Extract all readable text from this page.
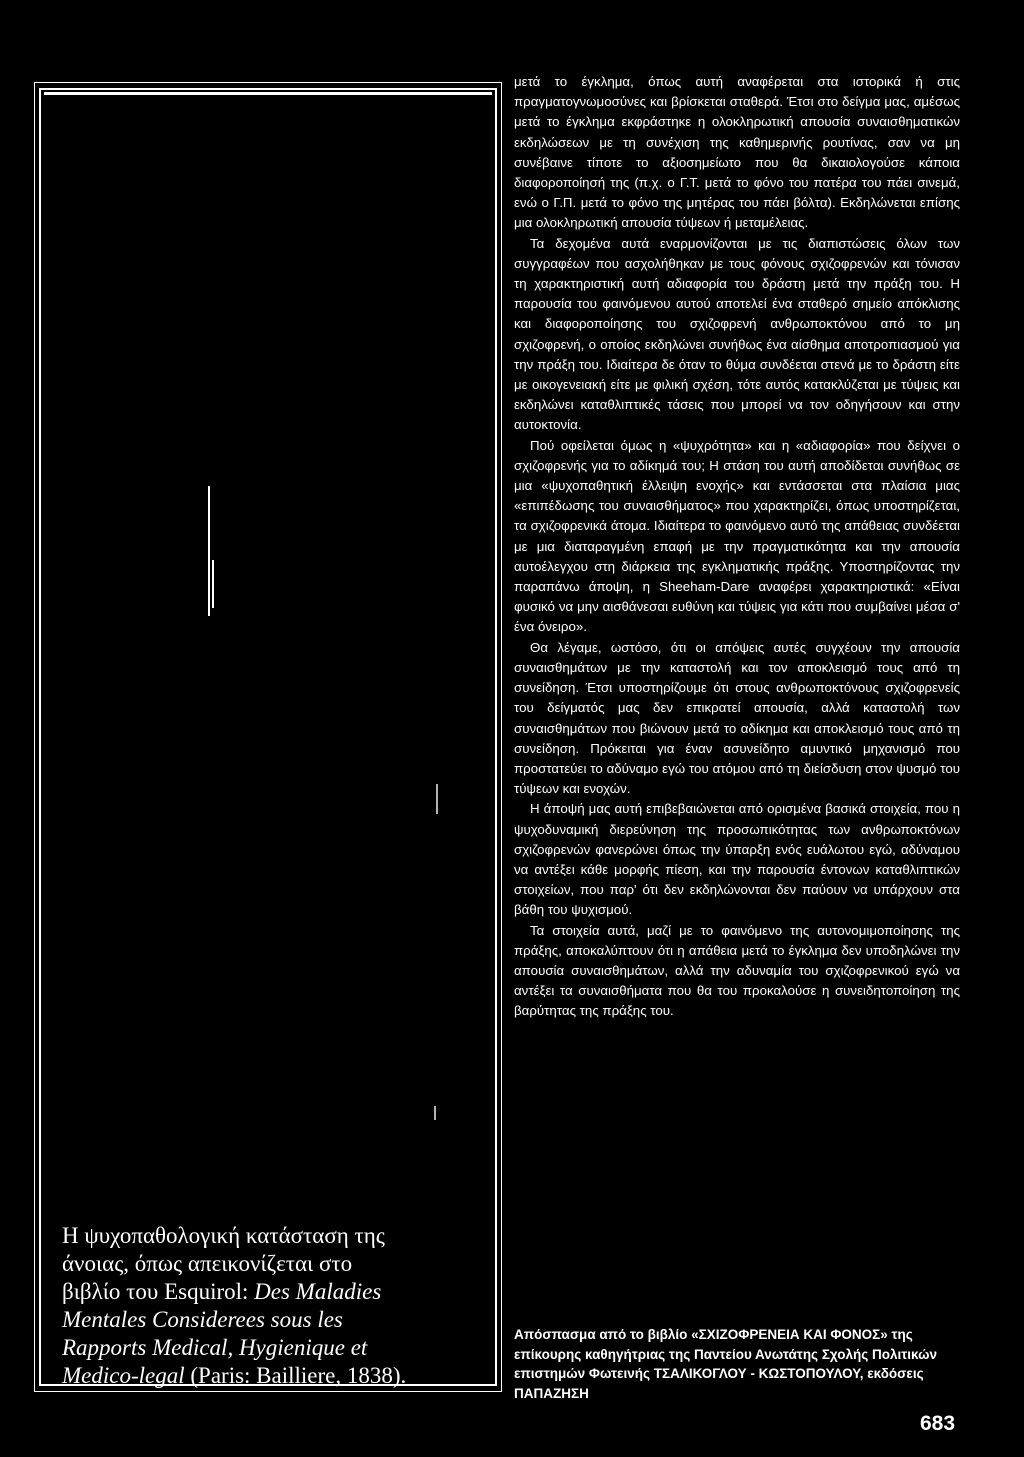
Η ψυχοπαθολογική κατάσταση της
άνοιας, όπως απεικονίζεται στο
βιβλίο του Esquirol: Des Maladies
Mentales Considerees sous les
Rapports Medical, Hygienique et
Medico-legal (Paris: Bailliere, 1838).

μετά το έγκλημα, όπως αυτή αναφέρεται στα ιστορικά ή στις πραγματογνωμοσύνες και βρίσκεται σταθερά. Έτσι στο δείγμα μας, αμέσως μετά το έγκλημα εκφράστηκε η ολοκληρωτική απουσία συναισθηματικών εκδηλώσεων με τη συνέχιση της καθημερινής ρουτίνας, σαν να μη συνέβαινε τίποτε το αξιοσημείωτο που θα δικαιολογούσε κάποια διαφοροποίησή της (π.χ. ο Γ.Τ. μετά το φόνο του πατέρα του πάει σινεμά, ενώ ο Γ.Π. μετά το φόνο της μητέρας του πάει βόλτα). Εκδηλώνεται επίσης μια ολοκληρωτική απουσία τύψεων ή μεταμέλειας.

Τα δεχομένα αυτά εναρμονίζονται με τις διαπιστώσεις όλων των συγγραφέων που ασχολήθηκαν με τους φόνους σχιζοφρενών και τόνισαν τη χαρακτηριστική αυτή αδιαφορία του δράστη μετά την πράξη του. Η παρουσία του φαινόμενου αυτού αποτελεί ένα σταθερό σημείο απόκλισης και διαφοροποίησης του σχιζοφρενή ανθρωποκτόνου από το μη σχιζοφρενή, ο οποίος εκδηλώνει συνήθως ένα αίσθημα αποτροπιασμού για την πράξη του. Ιδιαίτερα δε όταν το θύμα συνδέεται στενά με το δράστη είτε με οικογενειακή είτε με φιλική σχέση, τότε αυτός κατακλύζεται με τύψεις και εκδηλώνει καταθλιπτικές τάσεις που μπορεί να τον οδηγήσουν και στην αυτοκτονία.

Πού οφείλεται όμως η «ψυχρότητα» και η «αδιαφορία» που δείχνει ο σχιζοφρενής για το αδίκημά του; Η στάση του αυτή αποδίδεται συνήθως σε μια «ψυχοπαθητική έλλειψη ενοχής» και εντάσσεται στα πλαίσια μιας «επιπέδωσης του συναισθήματος» που χαρακτηρίζει, όπως υποστηρίζεται, τα σχιζοφρενικά άτομα. Ιδιαίτερα το φαινόμενο αυτό της απάθειας συνδέεται με μια διαταραγμένη επαφή με την πραγματικότητα και την απουσία αυτοέλεγχου στη διάρκεια της εγκληματικής πράξης. Υποστηρίζοντας την παραπάνω άποψη, η Sheeham-Dare αναφέρει χαρακτηριστικά: «Είναι φυσικό να μην αισθάνεσαι ευθύνη και τύψεις για κάτι που συμβαίνει μέσα σ' ένα όνειρο».

Θα λέγαμε, ωστόσο, ότι οι απόψεις αυτές συγχέουν την απουσία συναισθημάτων με την καταστολή και τον αποκλεισμό τους από τη συνείδηση. Έτσι υποστηρίζουμε ότι στους ανθρωποκτόνους σχιζοφρενείς του δείγματός μας δεν επικρατεί απουσία, αλλά καταστολή των συναισθημάτων που βιώνουν μετά το αδίκημα και αποκλεισμό τους από τη συνείδηση. Πρόκειται για έναν ασυνείδητο αμυντικό μηχανισμό που προστατεύει το αδύναμο εγώ του ατόμου από τη διείσδυση στον ψυσμό του τύψεων και ενοχών.

Η άποψή μας αυτή επιβεβαιώνεται από ορισμένα βασικά στοιχεία, που η ψυχοδυναμική διερεύνηση της προσωπικότητας των ανθρωποκτόνων σχιζοφρενών φανερώνει όπως την ύπαρξη ενός ευάλωτου εγώ, αδύναμου να αντέξει κάθε μορφής πίεση, και την παρουσία έντονων καταθλιπτικών στοιχείων, που παρ' ότι δεν εκδηλώνονται δεν παύουν να υπάρχουν στα βάθη του ψυχισμού.

Τα στοιχεία αυτά, μαζί με το φαινόμενο της αυτονομιμοποίησης της πράξης, αποκαλύπτουν ότι η απάθεια μετά το έγκλημα δεν υποδηλώνει την απουσία συναισθημάτων, αλλά την αδυναμία του σχιζοφρενικού εγώ να αντέξει τα συναισθήματα που θα του προκαλούσε η συνειδητοποίηση της βαρύτητας της πράξης του.

Απόσπασμα από το βιβλίο «ΣΧΙΖΟΦΡΕΝΕΙΑ ΚΑΙ ΦΟΝΟΣ» της επίκουρης καθηγήτριας της Παντείου Ανωτάτης Σχολής Πολιτικών επιστημών Φωτεινής ΤΣΑΛΙΚΟΓΛΟΥ - ΚΩΣΤΟΠΟΥΛΟΥ, εκδόσεις ΠΑΠΑΖΗΣΗ
683
